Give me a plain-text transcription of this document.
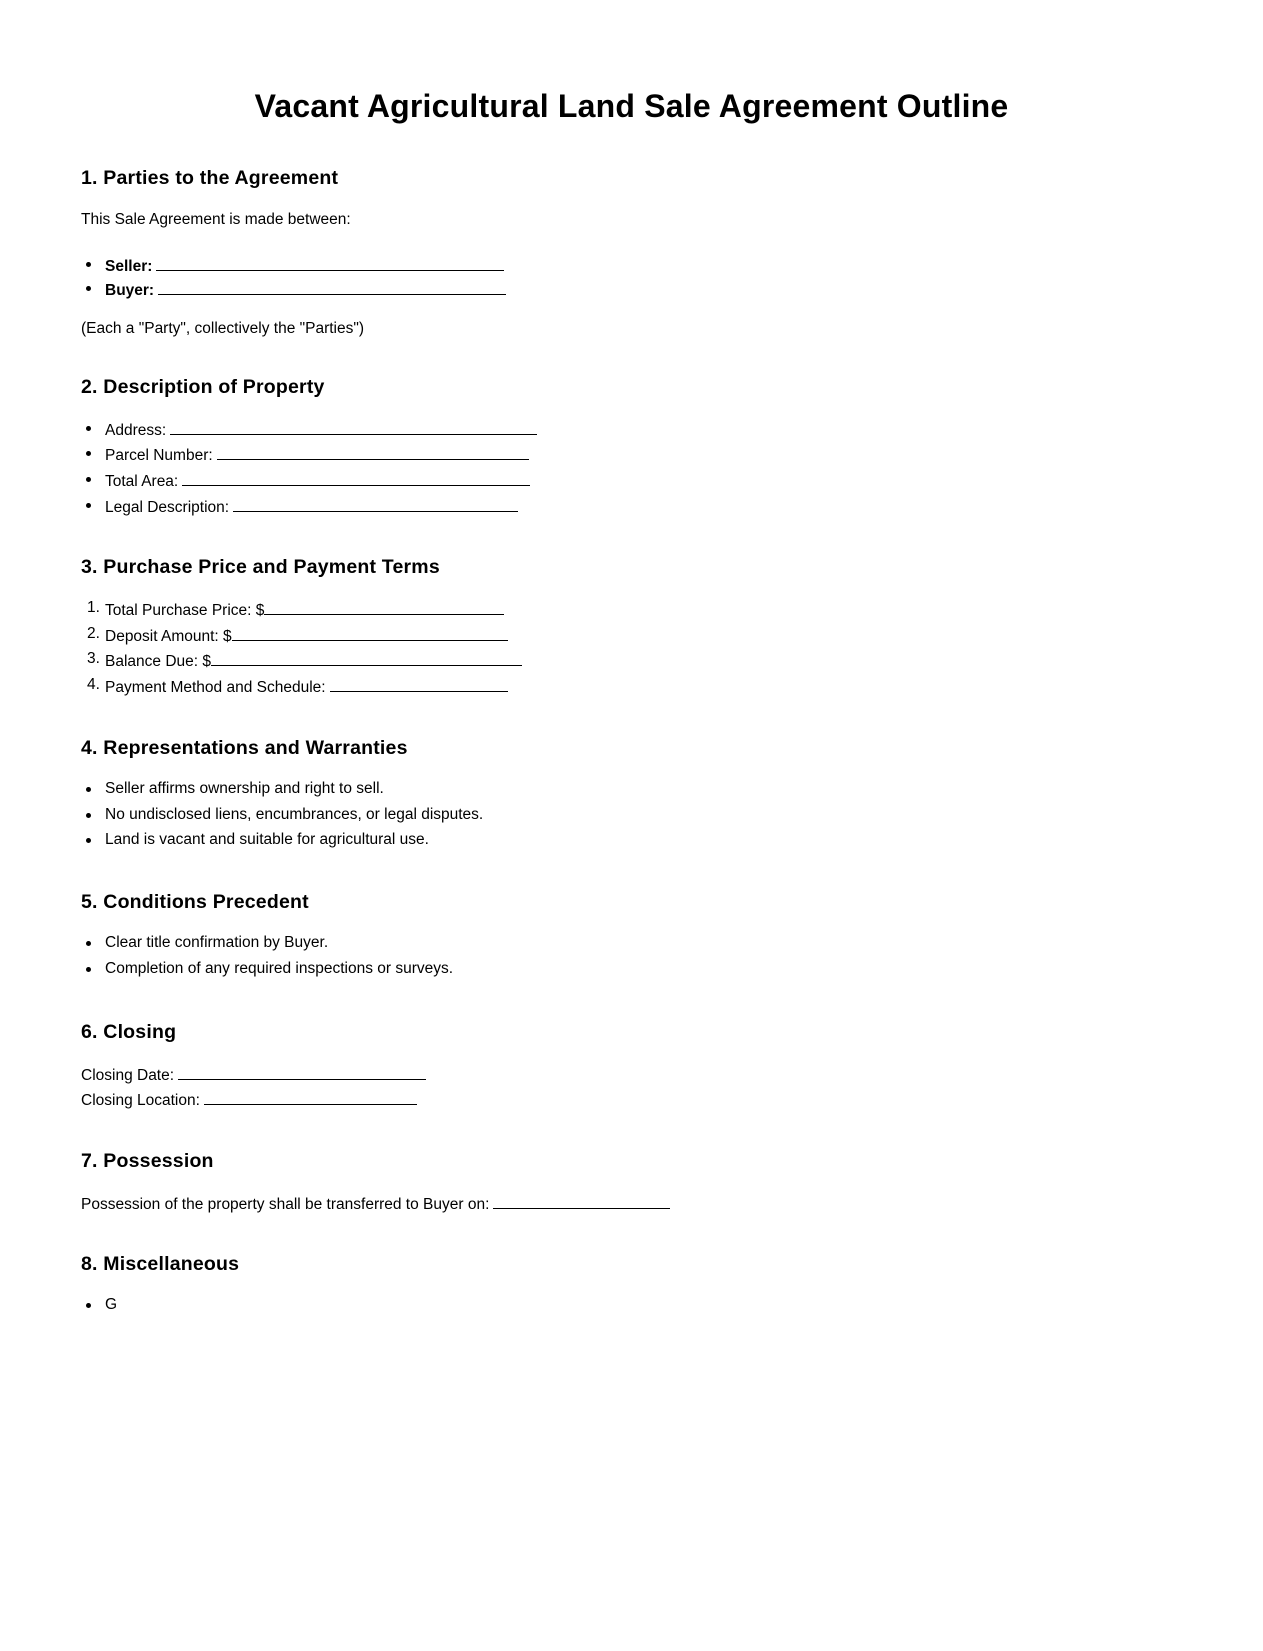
Vacant Agricultural Land Sale Agreement Outline
1. Parties to the Agreement
This Sale Agreement is made between:
Seller:
Buyer:
(Each a "Party", collectively the "Parties")
2. Description of Property
Address:
Parcel Number:
Total Area:
Legal Description:
3. Purchase Price and Payment Terms
1. Total Purchase Price: $
2. Deposit Amount: $
3. Balance Due: $
4. Payment Method and Schedule:
4. Representations and Warranties
Seller affirms ownership and right to sell.
No undisclosed liens, encumbrances, or legal disputes.
Land is vacant and suitable for agricultural use.
5. Conditions Precedent
Clear title confirmation by Buyer.
Completion of any required inspections or surveys.
6. Closing
Closing Date:
Closing Location:
7. Possession
Possession of the property shall be transferred to Buyer on:
8. Miscellaneous
G
